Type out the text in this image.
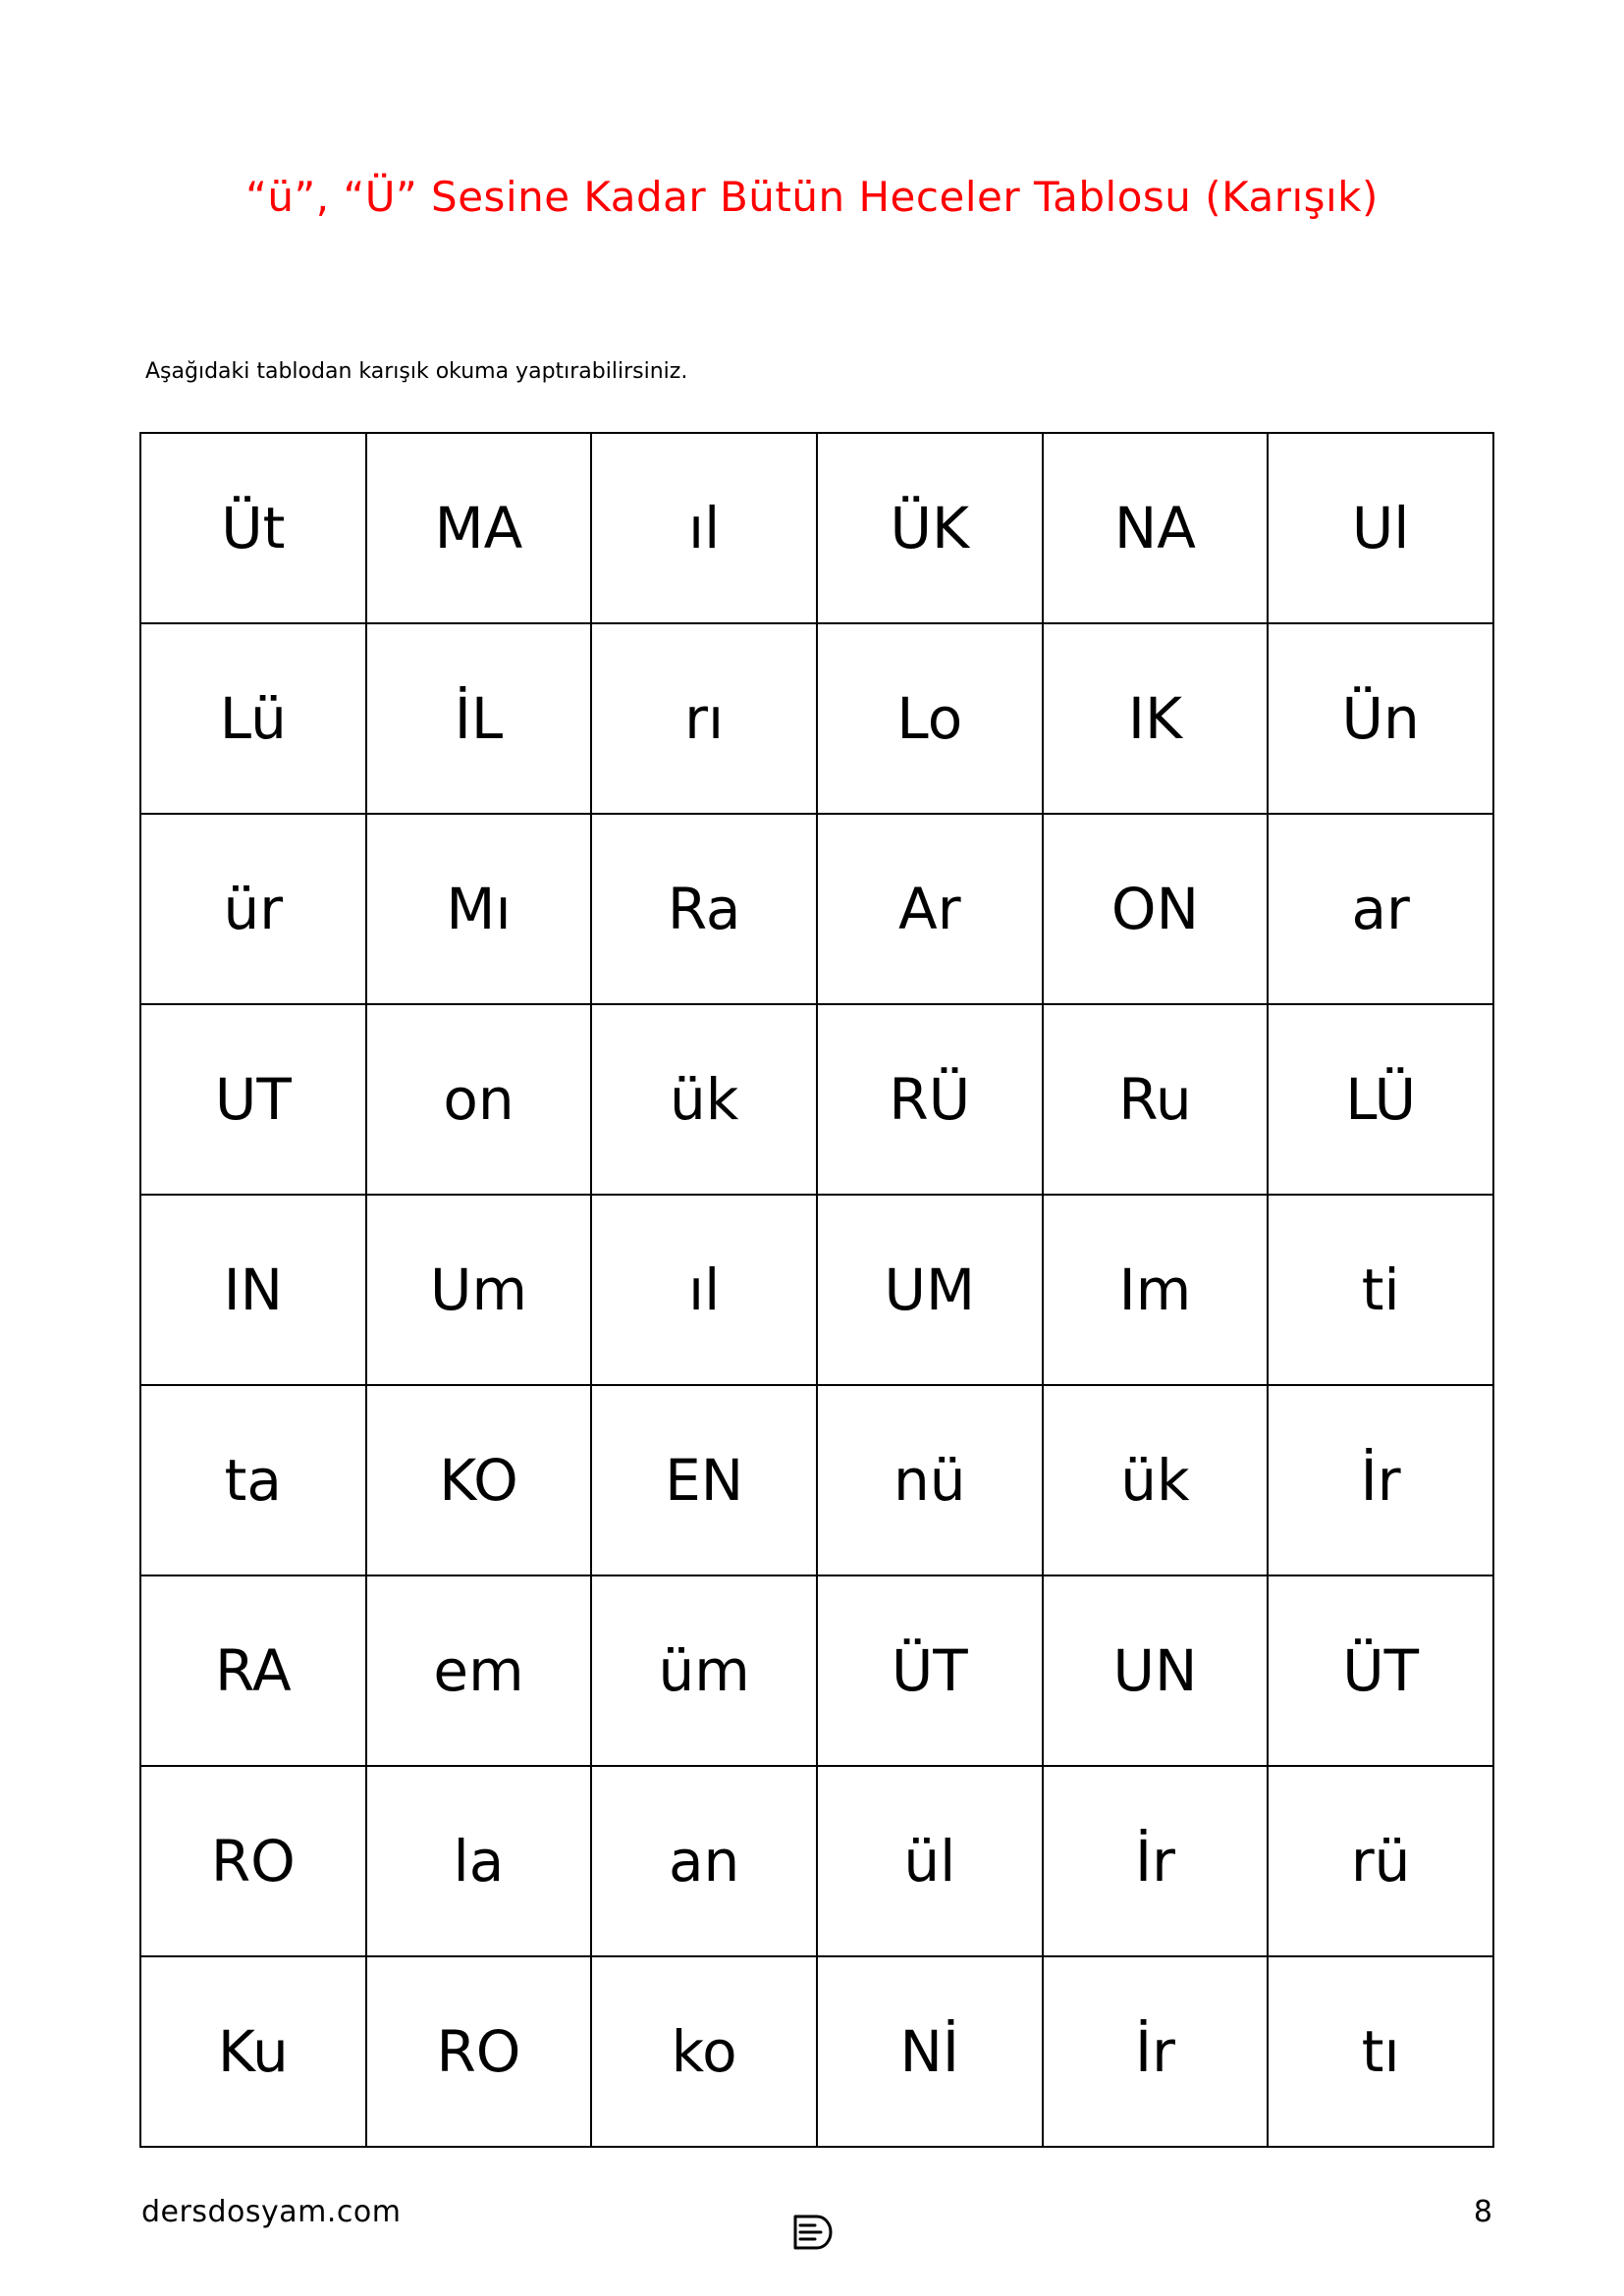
“ü”, “Ü” Sesine Kadar Bütün Heceler Tablosu (Karışık)
Aşağıdaki tablodan karışık okuma yaptırabilirsiniz.
Üt	MA	ıl	ÜK	NA	Ul
Lü	İL	rı	Lo	IK	Ün
ür	Mı	Ra	Ar	ON	ar
UT	on	ük	RÜ	Ru	LÜ
IN	Um	ıl	UM	Im	ti
ta	KO	EN	nü	ük	İr
RA	em	üm	ÜT	UN	ÜT
RO	la	an	ül	İr	rü
Ku	RO	ko	Nİ	İr	tı
dersdosyam.com	8
